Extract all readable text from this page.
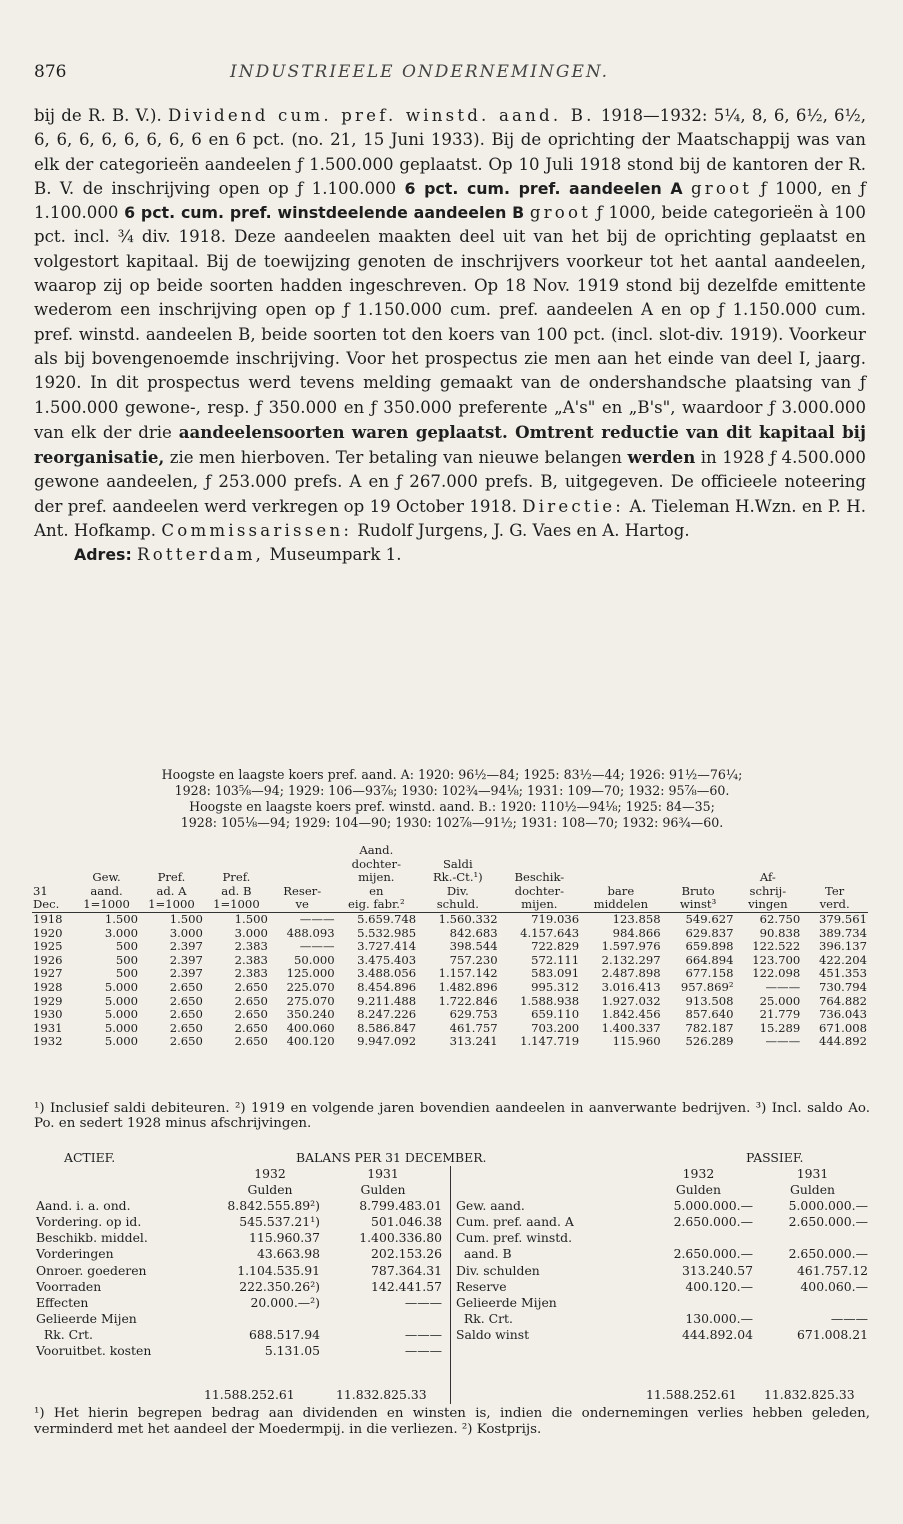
876	INDUSTRIEELE ONDERNEMINGEN.

bij de R. B. V.). Dividend cum. pref. winstd. aand. B. 1918—1932: 5¼, 8, 6, 6½, 6½, 6, 6, 6, 6, 6, 6, 6, 6 en 6 pct. (no. 21, 15 Juni 1933). Bij de oprichting der Maatschappij was van elk der categorieën aandeelen ƒ 1.500.000 geplaatst. Op 10 Juli 1918 stond bij de kantoren der R. B. V. de inschrijving open op ƒ 1.100.000 6 pct. cum. pref. aandeelen A groot ƒ 1000, en ƒ 1.100.000 6 pct. cum. pref. winstdeelende aandeelen B groot ƒ 1000, beide categorieën à 100 pct. incl. ¾ div. 1918. Deze aandeelen maakten deel uit van het bij de oprichting geplaatst en volgestort kapitaal. Bij de toewijzing genoten de inschrijvers voorkeur tot het aantal aandeelen, waarop zij op beide soorten hadden ingeschreven. Op 18 Nov. 1919 stond bij dezelfde emittente wederom een inschrijving open op ƒ 1.150.000 cum. pref. aandeelen A en op ƒ 1.150.000 cum. pref. winstd. aandeelen B, beide soorten tot den koers van 100 pct. (incl. slot-div. 1919). Voorkeur als bij bovengenoemde inschrijving. Voor het prospectus zie men aan het einde van deel I, jaarg. 1920. In dit prospectus werd tevens melding gemaakt van de ondershandsche plaatsing van ƒ 1.500.000 gewone-, resp. ƒ 350.000 en ƒ 350.000 preferente „A's" en „B's", waardoor ƒ 3.000.000 van elk der drie aandeelensoorten waren geplaatst. Omtrent reductie van dit kapitaal bij reorganisatie, zie men hierboven. Ter betaling van nieuwe belangen werden in 1928 ƒ 4.500.000 gewone aandeelen, ƒ 253.000 prefs. A en ƒ 267.000 prefs. B, uitgegeven. De officieele noteering der pref. aandeelen werd verkregen op 19 October 1918. Directie: A. Tieleman H.Wzn. en P. H. Ant. Hofkamp. Commissarissen: Rudolf Jurgens, J. G. Vaes en A. Hartog.

Adres: Rotterdam, Museumpark 1.

Hoogste en laagste koers pref. aand. A: 1920: 96½—84; 1925: 83½—44; 1926: 91½—76¼;
1928: 103⅝—94; 1929: 106—93⅞; 1930: 102¾—94⅛; 1931: 109—70; 1932: 95⅞—60.
Hoogste en laagste koers pref. winstd. aand. B.: 1920: 110½—94⅛; 1925: 84—35;
1928: 105⅛—94; 1929: 104—90; 1930: 102⅞—91½; 1931: 108—70; 1932: 96¾—60.
					Aand.						
					dochter-	Saldi					
	Gew.	Pref.	Pref.		mijen.	Rk.-Ct.¹)	Beschik-			Af-	
31	aand.	ad. A	ad. B	Reser-	en	Div.	dochter-	bare	Bruto	schrij-	Ter
Dec.	1=1000	1=1000	1=1000	ve	eig. fabr.²	schuld.	mijen.	middelen	winst³	vingen	verd.
1918	1.500	1.500	1.500	———	5.659.748	1.560.332	719.036	123.858	549.627	62.750	379.561
1920	3.000	3.000	3.000	488.093	5.532.985	842.683	4.157.643	984.866	629.837	90.838	389.734
1925	500	2.397	2.383	———	3.727.414	398.544	722.829	1.597.976	659.898	122.522	396.137
1926	500	2.397	2.383	50.000	3.475.403	757.230	572.111	2.132.297	664.894	123.700	422.204
1927	500	2.397	2.383	125.000	3.488.056	1.157.142	583.091	2.487.898	677.158	122.098	451.353
1928	5.000	2.650	2.650	225.070	8.454.896	1.482.896	995.312	3.016.413	957.869²	———	730.794
1929	5.000	2.650	2.650	275.070	9.211.488	1.722.846	1.588.938	1.927.032	913.508	25.000	764.882
1930	5.000	2.650	2.650	350.240	8.247.226	629.753	659.110	1.842.456	857.640	21.779	736.043
1931	5.000	2.650	2.650	400.060	8.586.847	461.757	703.200	1.400.337	782.187	15.289	671.008
1932	5.000	2.650	2.650	400.120	9.947.092	313.241	1.147.719	115.960	526.289	———	444.892
¹) Inclusief saldi debiteuren. ²) 1919 en volgende jaren bovendien aandeelen in aanverwante bedrijven. ³) Incl. saldo Ao. Po. en sedert 1928 minus afschrijvingen.
ACTIEF.	BALANS PER 31 DECEMBER.	PASSIEF.
	1932	1931
	Gulden	Gulden
Aand. i. a. ond.	8.842.555.89²)	8.799.483.01
Vordering. op id.	545.537.21¹)	501.046.38
Beschikb. middel.	115.960.37	1.400.336.80
Vorderingen	43.663.98	202.153.26
Onroer. goederen	1.104.535.91	787.364.31
Voorraden	222.350.26²)	142.441.57
Effecten	20.000.—²)	———
Gelieerde Mijen		
Rk. Crt.	688.517.94	———
Vooruitbet. kosten	5.131.05	———
	1932	1931
	Gulden	Gulden
Gew. aand.	5.000.000.—	5.000.000.—
Cum. pref. aand. A	2.650.000.—	2.650.000.—
Cum. pref. winstd.		
aand. B	2.650.000.—	2.650.000.—
Div. schulden	313.240.57	461.757.12
Reserve	400.120.—	400.060.—
Gelieerde Mijen		
Rk. Crt.	130.000.—	———
Saldo winst	444.892.04	671.008.21
11.588.252.61	11.832.825.33	11.588.252.61 11.832.825.33
¹) Het hierin begrepen bedrag aan dividenden en winsten is, indien die ondernemingen verlies hebben geleden, verminderd met het aandeel der Moedermpij. in die verliezen. ²) Kostprijs.
